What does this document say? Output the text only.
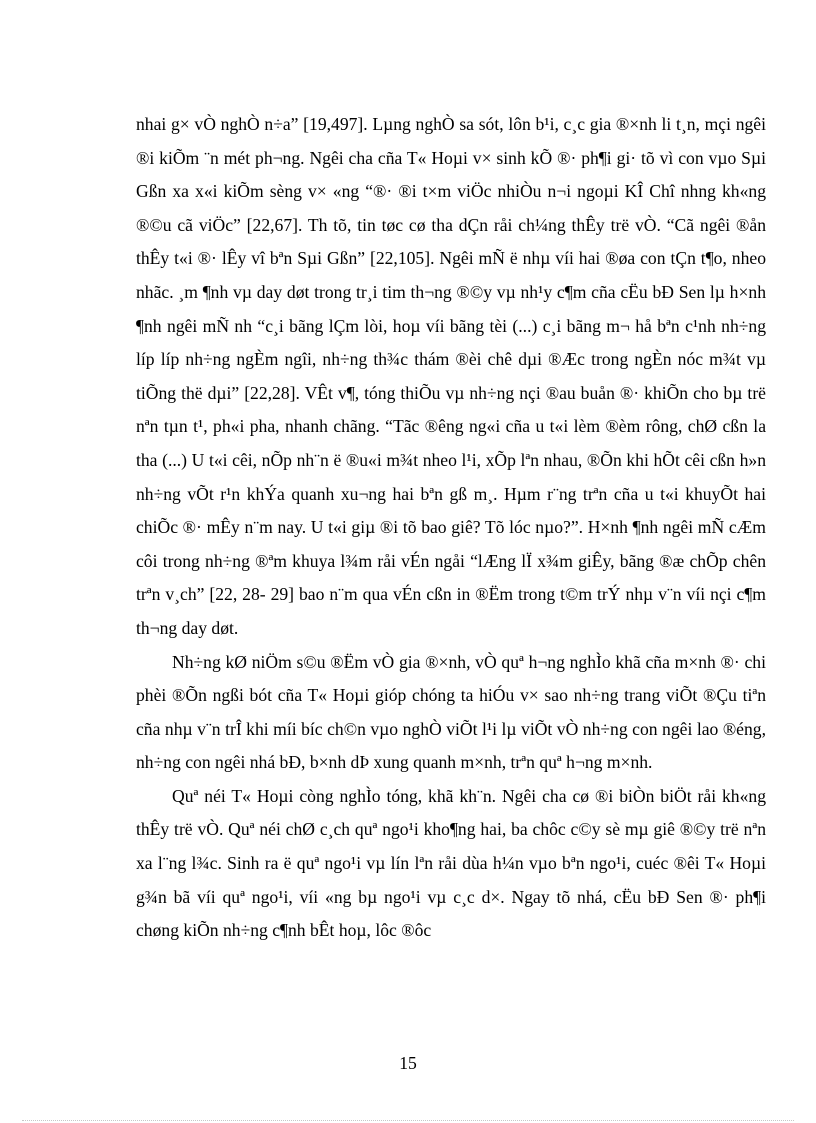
nhai g× vÒ nghÒ n÷a” [19,497]. Lµng nghÒ sa sót, lôn b¹i, c¸c gia ®×nh li t¸n, mçi ngêi ®i kiÕm ¨n mét ph¬ng. Ngêi cha cña T« Hoµi v× sinh kÕ ®· ph¶i gi· tõ vì con vµo Sµi Gßn xa x«i kiÕm sèng v× «ng “®· ®i t×m viÖc nhiÒu n¬i ngoµi KÎ Chî nhng kh«ng ®©u cã viÖc” [22,67]. Th tõ, tin tøc cø tha dÇn råi ch¼ng thÊy trë vÒ. “Cã ngêi ®ån thÊy t«i ®· lÊy vî bªn Sµi Gßn” [22,105]. Ngêi mÑ ë nhµ víi hai ®øa con tÇn t¶o, nheo nhãc. ¸m ¶nh vµ day døt trong tr¸i tim th¬ng ®©y vµ nh¹y c¶m cña cËu bÐ Sen lµ h×nh ¶nh ngêi mÑ nh “c¸i bãng lÇm lòi, hoµ víi bãng tèi (...) c¸i bãng m¬ hå bªn c¹nh nh÷ng líp líp nh÷ng ngÈm ngîi, nh÷ng th¾c thám ®èi chê dµi ®Æc trong ngÈn nóc m¾t vµ tiÕng thë dµi” [22,28]. VÊt v¶, tóng thiÕu vµ nh÷ng nçi ®au buån ®· khiÕn cho bµ trë nªn tµn t¹, ph«i pha, nhanh chãng. “Tãc ®êng ng«i cña u t«i lèm ®èm rông, chØ cßn la tha (...) U t«i cêi, nÕp nh¨n ë ®u«i m¾t nheo l¹i, xÕp lªn nhau, ®Õn khi hÕt cêi cßn h»n nh÷ng vÕt r¹n khÝa quanh xu¬ng hai bªn gß m¸. Hµm r¨ng trªn cña u t«i khuyÕt hai chiÕc ®· mÊy n¨m nay. U t«i giµ ®i tõ bao giê? Tõ lóc nµo?”. H×nh ¶nh ngêi mÑ cÆm côi trong nh÷ng ®ªm khuya l¾m råi vÉn ngåi “lÆng lÏ x¾m giÊy, bãng ®æ chÕp chên trªn v¸ch” [22, 28- 29] bao n¨m qua vÉn cßn in ®Ëm trong t©m trÝ nhµ v¨n víi nçi c¶m th¬ng day døt.

Nh÷ng kØ niÖm s©u ®Ëm vÒ gia ®×nh, vÒ quª h¬ng nghÌo khã cña m×nh ®· chi phèi ®Õn ngßi bót cña T« Hoµi gióp chóng ta hiÓu v× sao nh÷ng trang viÕt ®Çu tiªn cña nhµ v¨n trÎ khi míi bíc ch©n vµo nghÒ viÕt l¹i lµ viÕt vÒ nh÷ng con ngêi lao ®éng, nh÷ng con ngêi nhá bÐ, b×nh dÞ xung quanh m×nh, trªn quª h¬ng m×nh.

Quª néi T« Hoµi còng nghÌo tóng, khã kh¨n. Ngêi cha cø ®i biÒn biÖt råi kh«ng thÊy trë vÒ. Quª néi chØ c¸ch quª ngo¹i kho¶ng hai, ba chôc c©y sè mµ giê ®©y trë nªn xa l¨ng l¾c. Sinh ra ë quª ngo¹i vµ lín lªn råi dùa h¼n vµo bªn ngo¹i, cuéc ®êi T« Hoµi g¾n bã víi quª ngo¹i, víi «ng bµ ngo¹i vµ c¸c d×. Ngay tõ nhá, cËu bÐ Sen ®· ph¶i chøng kiÕn nh÷ng c¶nh bÊt hoµ, lôc ®ôc

15
